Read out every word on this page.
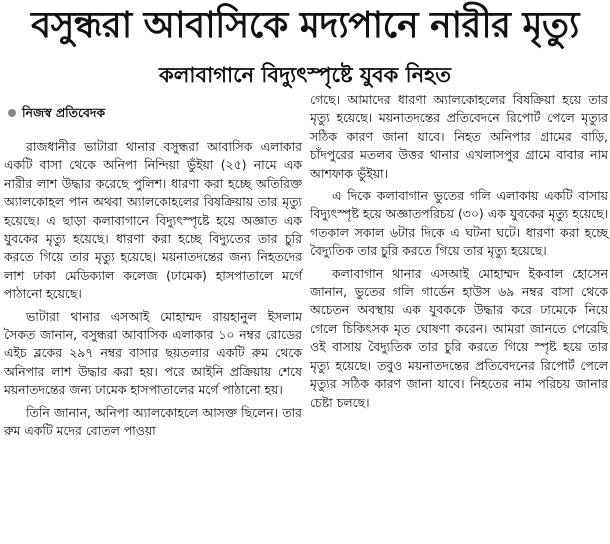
বসুন্ধরা আবাসিকে মদ্যপানে নারীর মৃত্যু
কলাবাগানে বিদ্যুৎস্পৃষ্টে যুবক নিহত
নিজস্ব প্রতিবেদক

রাজধানীর ভাটারা থানার বসুন্ধরা আবাসিক এলাকার একটি বাসা থেকে অনিপা নিন্দিয়া ভুঁইয়া (২৫) নামে এক নারীর লাশ উদ্ধার করেছে পুলিশ। ধারণা করা হচ্ছে অতিরিক্ত অ্যালকোহল পান অথবা অ্যালকোহলের বিষক্রিয়ায় তার মৃত্যু হয়েছে। এ ছাড়া কলাবাগানে বিদ্যুৎস্পৃষ্টে হয়ে অজ্ঞাত এক যুবকের মৃত্যু হয়েছে। ধারণা করা হচ্ছে বিদ্যুতের তার চুরি করতে গিয়ে তার মৃত্যু হয়েছে। ময়নাতদন্তের জন্য নিহতদের লাশ ঢাকা মেডিক্যাল কলেজ (ঢামেক) হাসপাতালে মর্গে পাঠানো হয়েছে।

ভাটারা থানার এসআই মোহাম্মদ রায়হানুল ইসলাম সৈকত জানান, বসুন্ধরা আবাসিক এলাকার ১০ নম্বর রোডের এইচ ব্লকের ২৯৭ নম্বর বাসার ছয়তলার একটি রুম থেকে অনিপার লাশ উদ্ধার করা হয়। পরে আইনি প্রক্রিয়ায় শেষে ময়নাতদন্তের জন্য ঢামেক হাসপাতালের মর্গে পাঠানো হয়।

তিনি জানান, অনিপা অ্যালকোহলে আসক্ত ছিলেন। তার রুম একটি মদের বোতল পাওয়া

গেছে। আমাদের ধারণা অ্যালকোহলের বিষক্রিয়া হয়ে তার মৃত্যু হয়েছে। ময়নাতদন্তের প্রতিবেদনে রিপোর্ট পেলে মৃত্যুর সঠিক কারণ জানা যাবে। নিহত অনিপার গ্রামের বাড়ি, চাঁদপুরের মতলব উত্তর থানার এখলাসপুর গ্রামে বাবার নাম আশফাক ভুঁইয়া।

এ দিকে কলাবাগান ভুতের গলি এলাকায় একটি বাসায় বিদ্যুৎস্পৃষ্ট হয়ে অজ্ঞাতপরিচয় (৩০) এক যুবকের মৃত্যু হয়েছে। গতকাল সকাল ৬টার দিকে এ ঘটনা ঘটে। ধারণা করা হচ্ছে বৈদ্যুতিক তার চুরি করতে গিয়ে তার মৃত্যু হয়েছে।

কলাবাগান থানার এসআই মোহাম্মদ ইকবাল হোসেন জানান, ভুতের গলি গার্ডেন হাউস ৬৯ নম্বর বাসা থেকে অচেতন অবস্থায় এক যুবককে উদ্ধার করে ঢামেকে নিয়ে গেলে চিকিৎসক মৃত ঘোষণা করেন। আমরা জানতে পেরেছি ওই বাসায় বৈদ্যুতিক তার চুরি করতে গিয়ে স্পৃষ্ট হয়ে তার মৃত্যু হয়েছে। তবুও ময়নাতদন্তের প্রতিবেদনের রিপোর্ট পেলে মৃত্যুর সঠিক কারণ জানা যাবে। নিহতের নাম পরিচয় জানার চেষ্টা চলছে।
